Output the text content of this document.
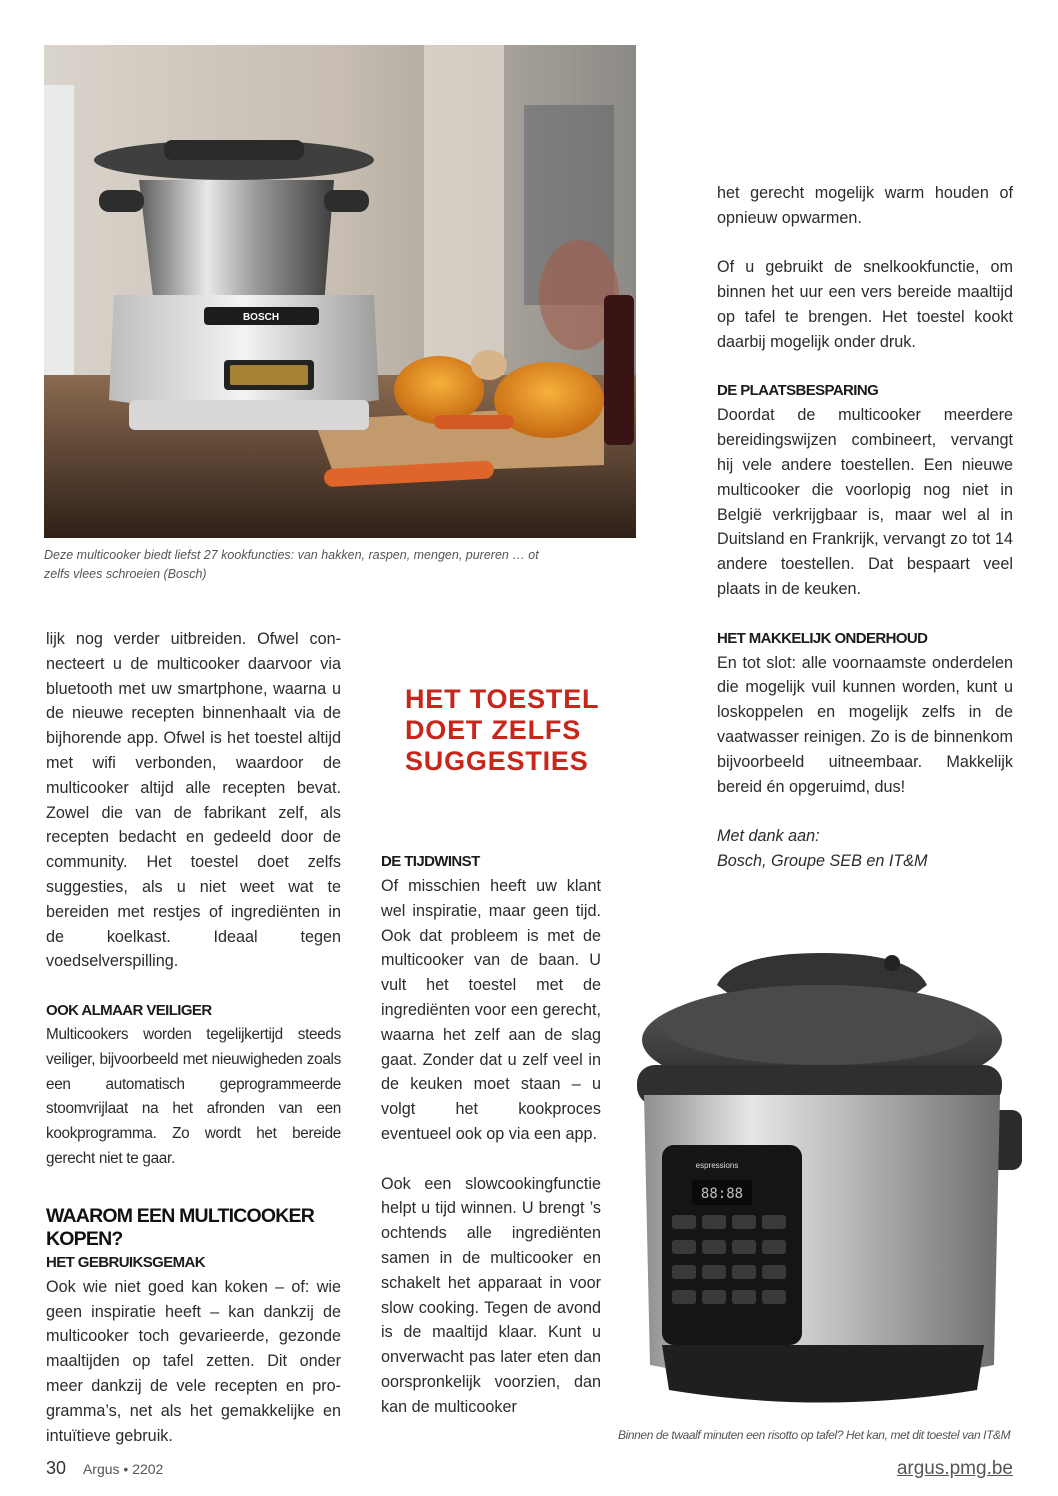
BOSCH

Deze multicooker biedt liefst 27 kookfuncties: van hakken, raspen, mengen, pureren … ot zelfs vlees schroeien (Bosch)

lijk nog verder uitbreiden. Ofwel connecteert u de multicooker daarvoor via bluetooth met uw smartphone, waarna u de nieuwe recepten binnenhaalt via de bijhorende app. Ofwel is het toestel altijd met wifi verbonden, waardoor de multicooker altijd alle recepten bevat. Zowel die van de fabrikant zelf, als recepten bedacht en gedeeld door de community. Het toestel doet zelfs suggesties, als u niet weet wat te bereiden met restjes of ingrediënten in de koelkast. Ideaal tegen voedselverspilling.

OOK ALMAAR VEILIGER

Multicookers worden tegelijkertijd steeds veiliger, bijvoorbeeld met nieuwigheden zoals een automatisch geprogrammeerde stoomvrijlaat na het afronden van een kookprogramma. Zo wordt het bereide gerecht niet te gaar.

WAAROM EEN MULTICOOKER KOPEN?
HET GEBRUIKSGEMAK

Ook wie niet goed kan koken – of: wie geen inspiratie heeft – kan dankzij de multicooker toch gevarieerde, gezonde maaltijden op tafel zetten. Dit onder meer dankzij de vele recepten en programma’s, net als het gemakkelijke en intuïtieve gebruik.

HET TOESTEL DOET ZELFS SUGGESTIES
DE TIJDWINST

Of misschien heeft uw klant wel inspiratie, maar geen tijd. Ook dat probleem is met de multicooker van de baan. U vult het toestel met de ingrediënten voor een gerecht, waarna het zelf aan de slag gaat. Zonder dat u zelf veel in de keuken moet staan – u volgt het kookproces eventueel ook op via een app.

Ook een slowcookingfunctie helpt u tijd winnen. U brengt ’s ochtends alle ingrediënten samen in de multicooker en schakelt het apparaat in voor slow cooking. Tegen de avond is de maaltijd klaar. Kunt u onverwacht pas later eten dan oorspronkelijk voorzien, dan kan de multicooker

het gerecht mogelijk warm houden of opnieuw opwarmen.

Of u gebruikt de snelkookfunctie, om binnen het uur een vers bereide maaltijd op tafel te brengen. Het toestel kookt daarbij mogelijk onder druk.

DE PLAATSBESPARING

Doordat de multicooker meerdere bereidingswijzen combineert, vervangt hij vele andere toestellen. Een nieuwe multicooker die voorlopig nog niet in België verkrijgbaar is, maar wel al in Duitsland en Frankrijk, vervangt zo tot 14 andere toestellen. Dat bespaart veel plaats in de keuken.

HET MAKKELIJK ONDERHOUD

En tot slot: alle voornaamste onderdelen die mogelijk vuil kunnen worden, kunt u loskoppelen en mogelijk zelfs in de vaatwasser reinigen. Zo is de binnenkom bijvoorbeeld uitneembaar. Makkelijk bereid én opgeruimd, dus!

Met dank aan:

Bosch, Groupe SEB en IT&M

espressions
88:88

Binnen de twaalf minuten een risotto op tafel? Het kan, met dit toestel van IT&M

30 Argus • 2202	argus.pmg.be
